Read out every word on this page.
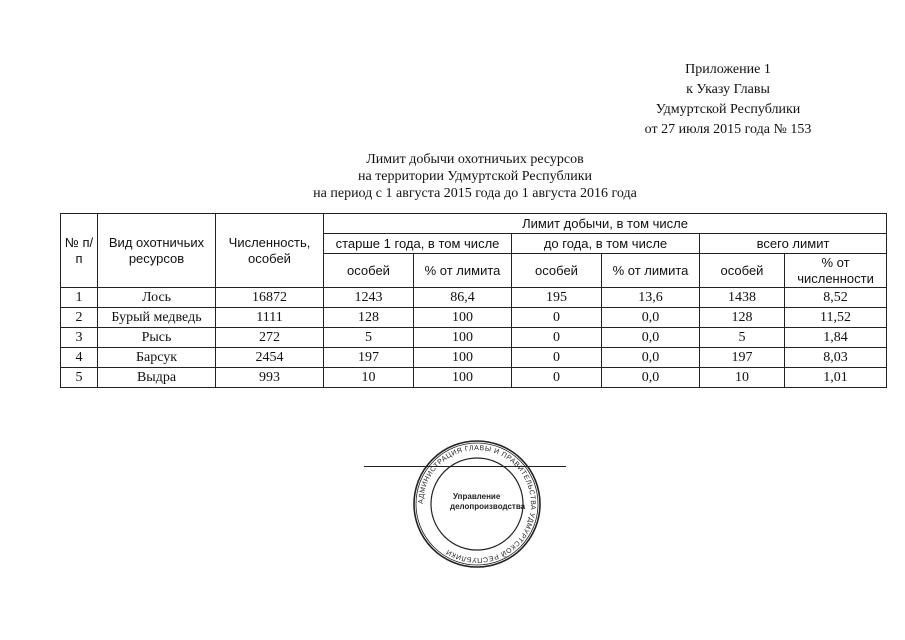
Приложение 1
к Указу Главы
Удмуртской Республики
от 27 июля 2015 года № 153
Лимит добычи охотничьих ресурсов
на территории Удмуртской Республики
на период с 1 августа 2015 года до 1 августа 2016 года
№ п/п	Вид охотничьих ресурсов	Численность, особей	Лимит добычи, в том числе					
			старше 1 года, в том числе		до года, в том числе		всего лимит	
			особей	% от лимита	особей	% от лимита	особей	% от численности
1	Лось	16872	1243	86,4	195	13,6	1438	8,52
2	Бурый медведь	1111	128	100	0	0,0	128	11,52
3	Рысь	272	5	100	0	0,0	5	1,84
4	Барсук	2454	197	100	0	0,0	197	8,03
5	Выдра	993	10	100	0	0,0	10	1,01
АДМИНИСТРАЦИЯ ГЛАВЫ И ПРАВИТЕЛЬСТВА УДМУРТСКОЙ РЕСПУБЛИКИ
Управление
делопроизводства
